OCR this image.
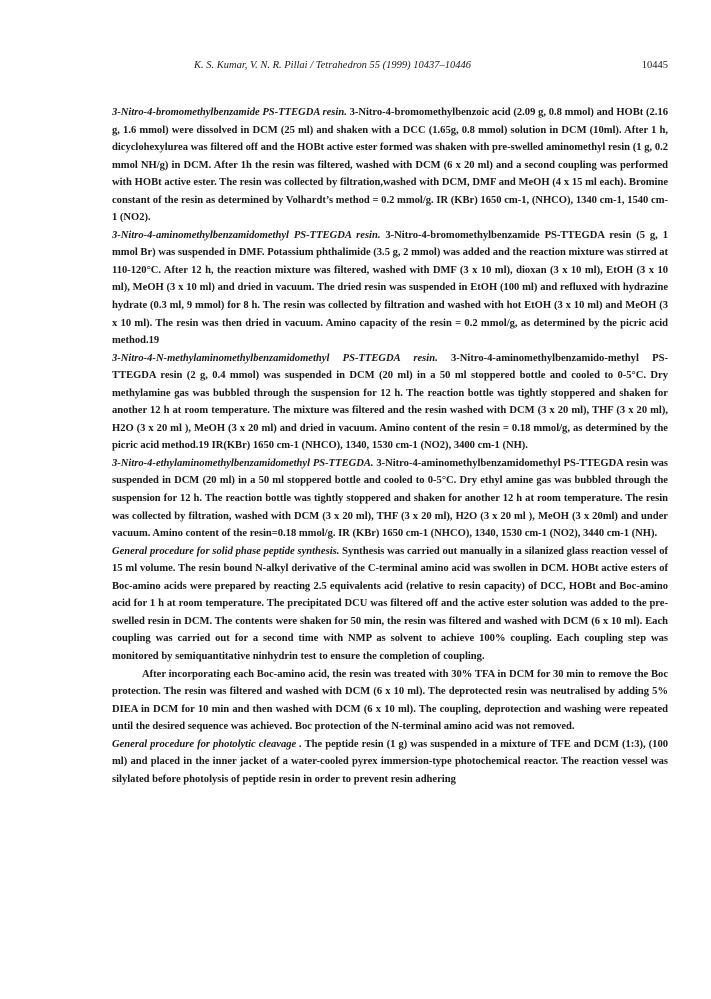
K. S. Kumar, V. N. R. Pillai / Tetrahedron 55 (1999) 10437–10446	10445

3-Nitro-4-bromomethylbenzamide PS-TTEGDA resin. 3-Nitro-4-bromomethylbenzoic acid (2.09 g, 0.8 mmol) and HOBt (2.16 g, 1.6 mmol) were dissolved in DCM (25 ml) and shaken with a DCC (1.65g, 0.8 mmol) solution in DCM (10ml). After 1 h, dicyclohexylurea was filtered off and the HOBt active ester formed was shaken with pre-swelled aminomethyl resin (1 g, 0.2 mmol NH/g) in DCM. After 1h the resin was filtered, washed with DCM (6 x 20 ml) and a second coupling was performed with HOBt active ester. The resin was collected by filtration,washed with DCM, DMF and MeOH (4 x 15 ml each). Bromine constant of the resin as determined by Volhardt’s method = 0.2 mmol/g. IR (KBr) 1650 cm-1, (NHCO), 1340 cm-1, 1540 cm-1 (NO2).

3-Nitro-4-aminomethylbenzamidomethyl PS-TTEGDA resin. 3-Nitro-4-bromomethylbenzamide PS-TTEGDA resin (5 g, 1 mmol Br) was suspended in DMF. Potassium phthalimide (3.5 g, 2 mmol) was added and the reaction mixture was stirred at 110-120°C. After 12 h, the reaction mixture was filtered, washed with DMF (3 x 10 ml), dioxan (3 x 10 ml), EtOH (3 x 10 ml), MeOH (3 x 10 ml) and dried in vacuum. The dried resin was suspended in EtOH (100 ml) and refluxed with hydrazine hydrate (0.3 ml, 9 mmol) for 8 h. The resin was collected by filtration and washed with hot EtOH (3 x 10 ml) and MeOH (3 x 10 ml). The resin was then dried in vacuum. Amino capacity of the resin = 0.2 mmol/g, as determined by the picric acid method.19

3-Nitro-4-N-methylaminomethylbenzamidomethyl PS-TTEGDA resin. 3-Nitro-4-aminomethylbenzamido-methyl PS-TTEGDA resin (2 g, 0.4 mmol) was suspended in DCM (20 ml) in a 50 ml stoppered bottle and cooled to 0-5°C. Dry methylamine gas was bubbled through the suspension for 12 h. The reaction bottle was tightly stoppered and shaken for another 12 h at room temperature. The mixture was filtered and the resin washed with DCM (3 x 20 ml), THF (3 x 20 ml), H2O (3 x 20 ml ), MeOH (3 x 20 ml) and dried in vacuum. Amino content of the resin = 0.18 mmol/g, as determined by the picric acid method.19 IR(KBr) 1650 cm-1 (NHCO), 1340, 1530 cm-1 (NO2), 3400 cm-1 (NH).

3-Nitro-4-ethylaminomethylbenzamidomethyl PS-TTEGDA. 3-Nitro-4-aminomethylbenzamidomethyl PS-TTEGDA resin was suspended in DCM (20 ml) in a 50 ml stoppered bottle and cooled to 0-5°C. Dry ethyl amine gas was bubbled through the suspension for 12 h. The reaction bottle was tightly stoppered and shaken for another 12 h at room temperature. The resin was collected by filtration, washed with DCM (3 x 20 ml), THF (3 x 20 ml), H2O (3 x 20 ml ), MeOH (3 x 20ml) and under vacuum. Amino content of the resin=0.18 mmol/g. IR (KBr) 1650 cm-1 (NHCO), 1340, 1530 cm-1 (NO2), 3440 cm-1 (NH).

General procedure for solid phase peptide synthesis. Synthesis was carried out manually in a silanized glass reaction vessel of 15 ml volume. The resin bound N-alkyl derivative of the C-terminal amino acid was swollen in DCM. HOBt active esters of Boc-amino acids were prepared by reacting 2.5 equivalents acid (relative to resin capacity) of DCC, HOBt and Boc-amino acid for 1 h at room temperature. The precipitated DCU was filtered off and the active ester solution was added to the pre-swelled resin in DCM. The contents were shaken for 50 min, the resin was filtered and washed with DCM (6 x 10 ml). Each coupling was carried out for a second time with NMP as solvent to achieve 100% coupling. Each coupling step was monitored by semiquantitative ninhydrin test to ensure the completion of coupling.

After incorporating each Boc-amino acid, the resin was treated with 30% TFA in DCM for 30 min to remove the Boc protection. The resin was filtered and washed with DCM (6 x 10 ml). The deprotected resin was neutralised by adding 5% DIEA in DCM for 10 min and then washed with DCM (6 x 10 ml). The coupling, deprotection and washing were repeated until the desired sequence was achieved. Boc protection of the N-terminal amino acid was not removed.

General procedure for photolytic cleavage . The peptide resin (1 g) was suspended in a mixture of TFE and DCM (1:3), (100 ml) and placed in the inner jacket of a water-cooled pyrex immersion-type photochemical reactor. The reaction vessel was silylated before photolysis of peptide resin in order to prevent resin adhering
